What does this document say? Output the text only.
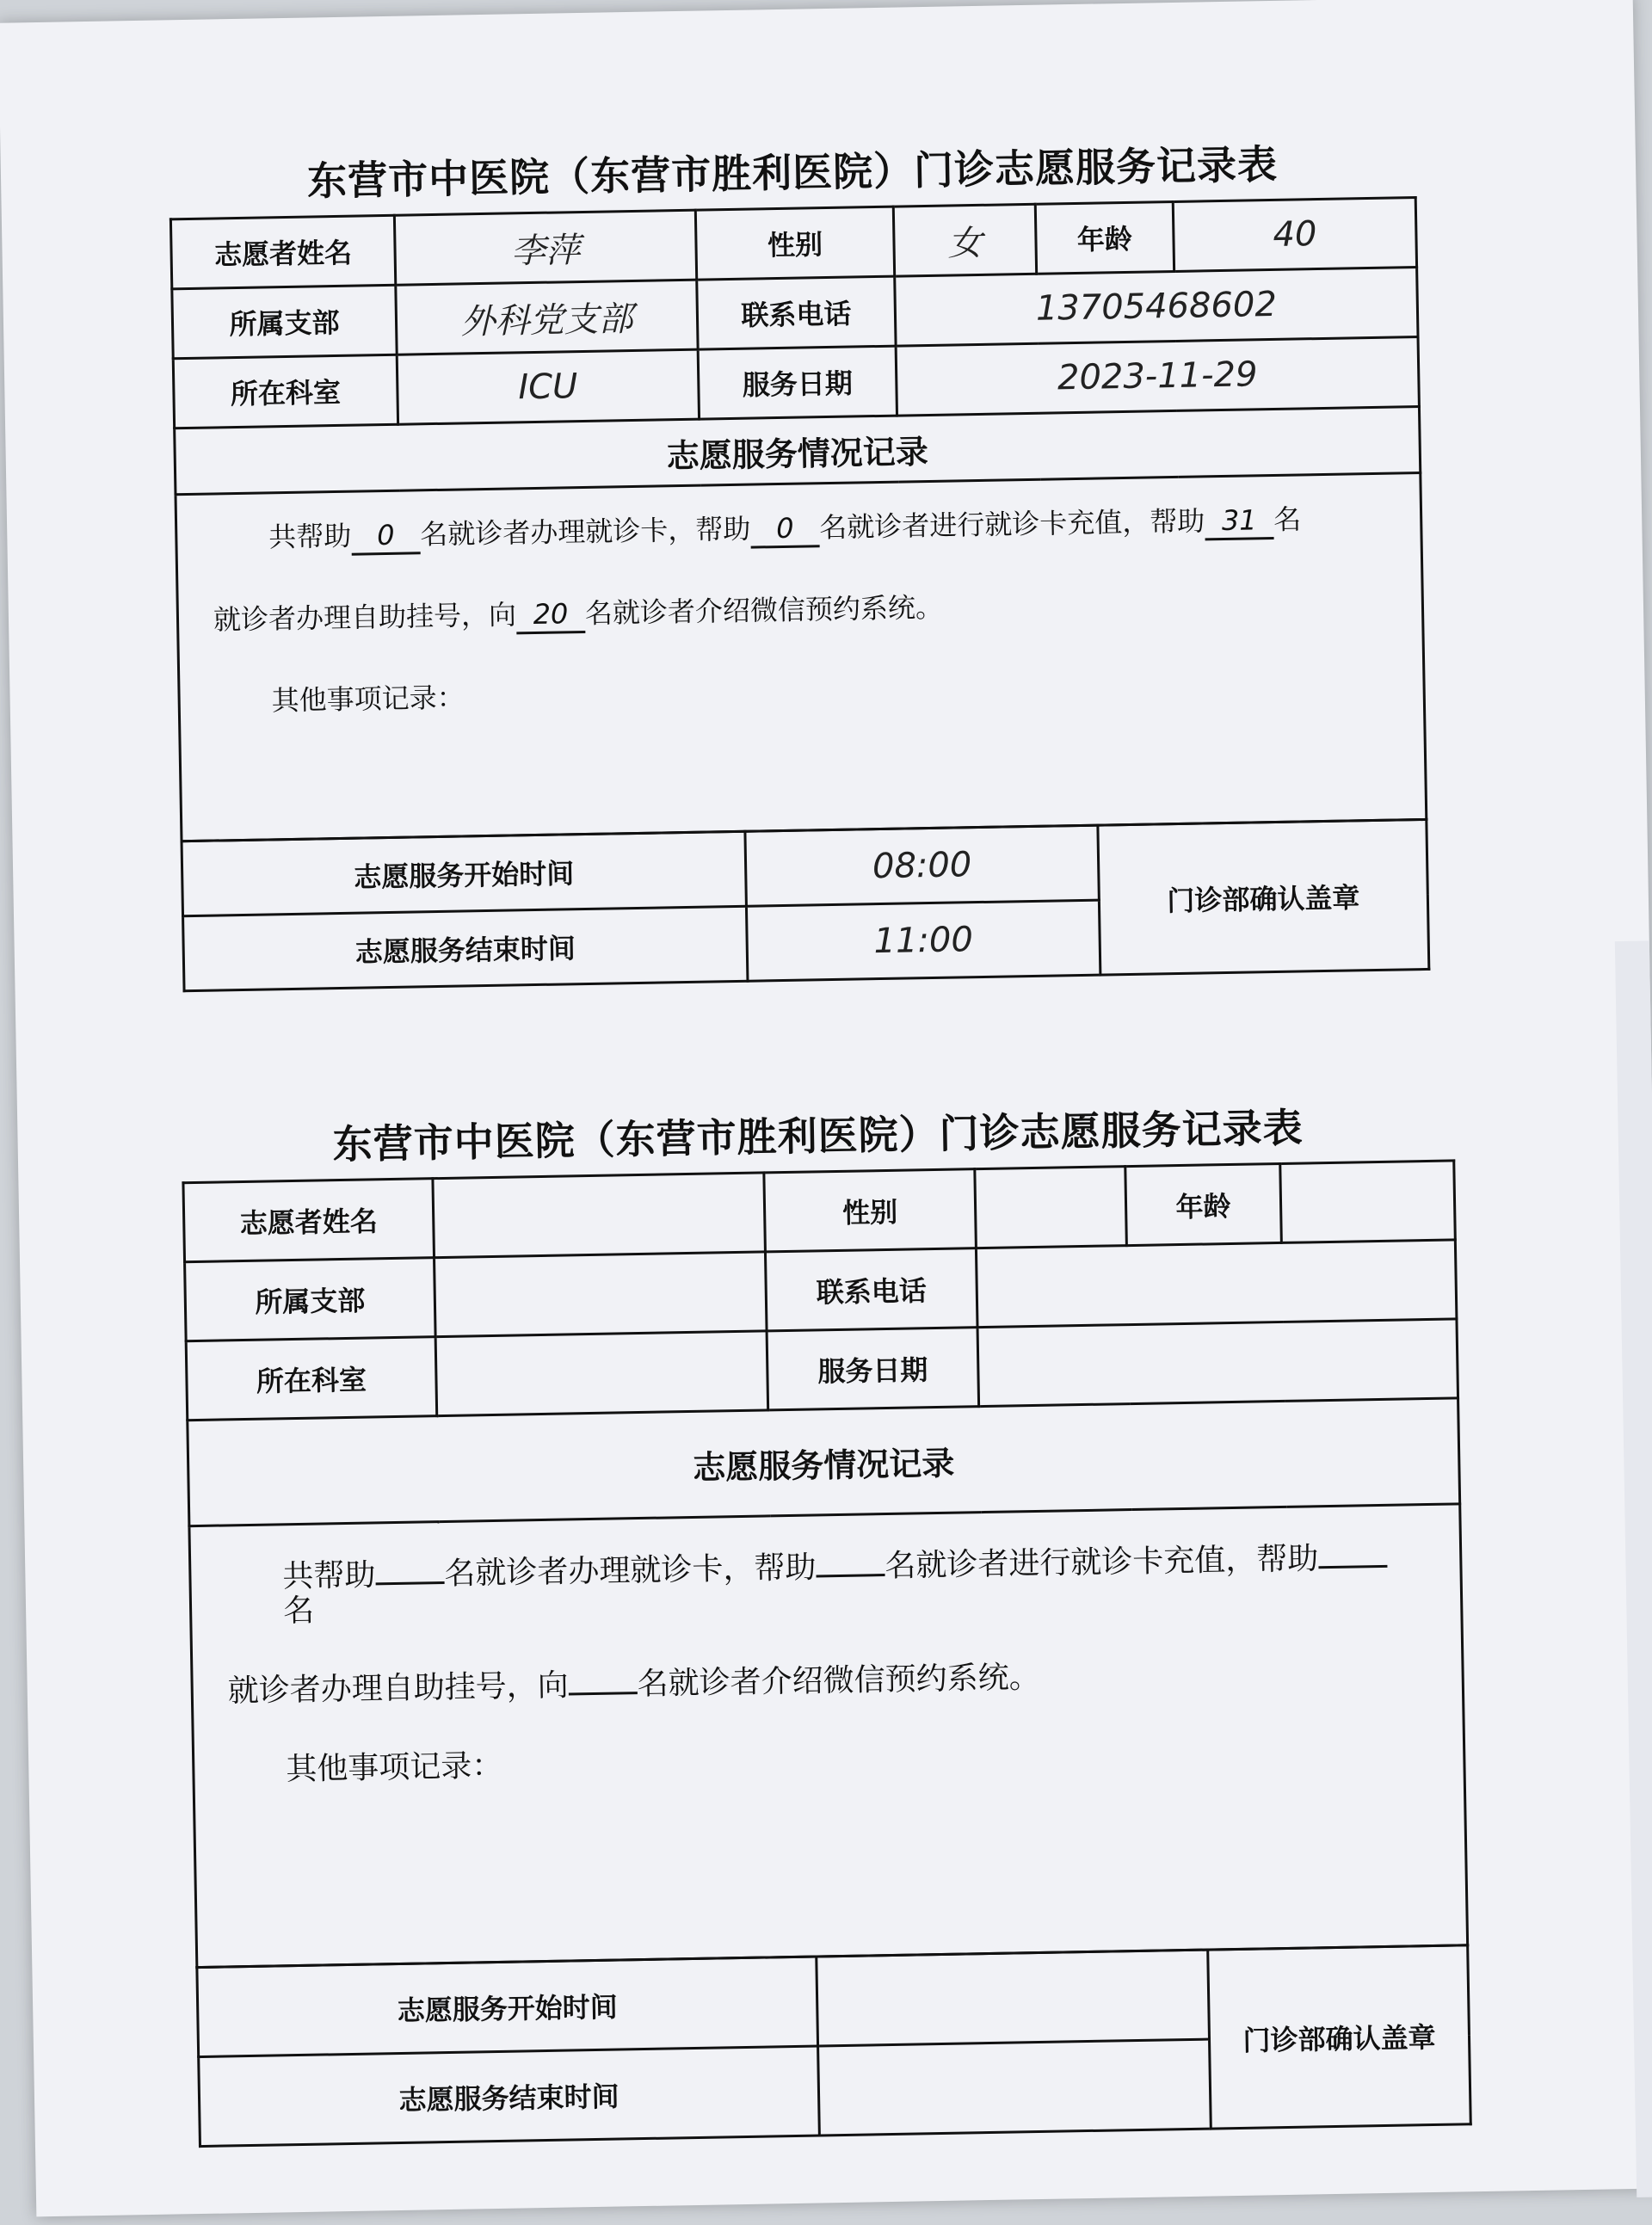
东营市中医院（东营市胜利医院）门诊志愿服务记录表
志愿者姓名	李萍	性别	女	年龄	40
所属支部	外科党支部	联系电话	13705468602		
所在科室	ICU	服务日期	2023-11-29		
志愿服务情况记录					

共帮助 0 名就诊者办理就诊卡，帮助 0 名就诊者进行就诊卡充值，帮助 31 名
就诊者办理自助挂号，向 20 名就诊者介绍微信预约系统。
其他事项记录：					
志愿服务开始时间	08:00	门诊部确认盖章
志愿服务结束时间	11:00	
东营市中医院（东营市胜利医院）门诊志愿服务记录表
志愿者姓名		性别		年龄	
所属支部		联系电话			
所在科室		服务日期			
志愿服务情况记录					

共帮助 名就诊者办理就诊卡，帮助 名就诊者进行就诊卡充值，帮助名
就诊者办理自助挂号，向 名就诊者介绍微信预约系统。
其他事项记录：					
志愿服务开始时间		门诊部确认盖章
志愿服务结束时间		
